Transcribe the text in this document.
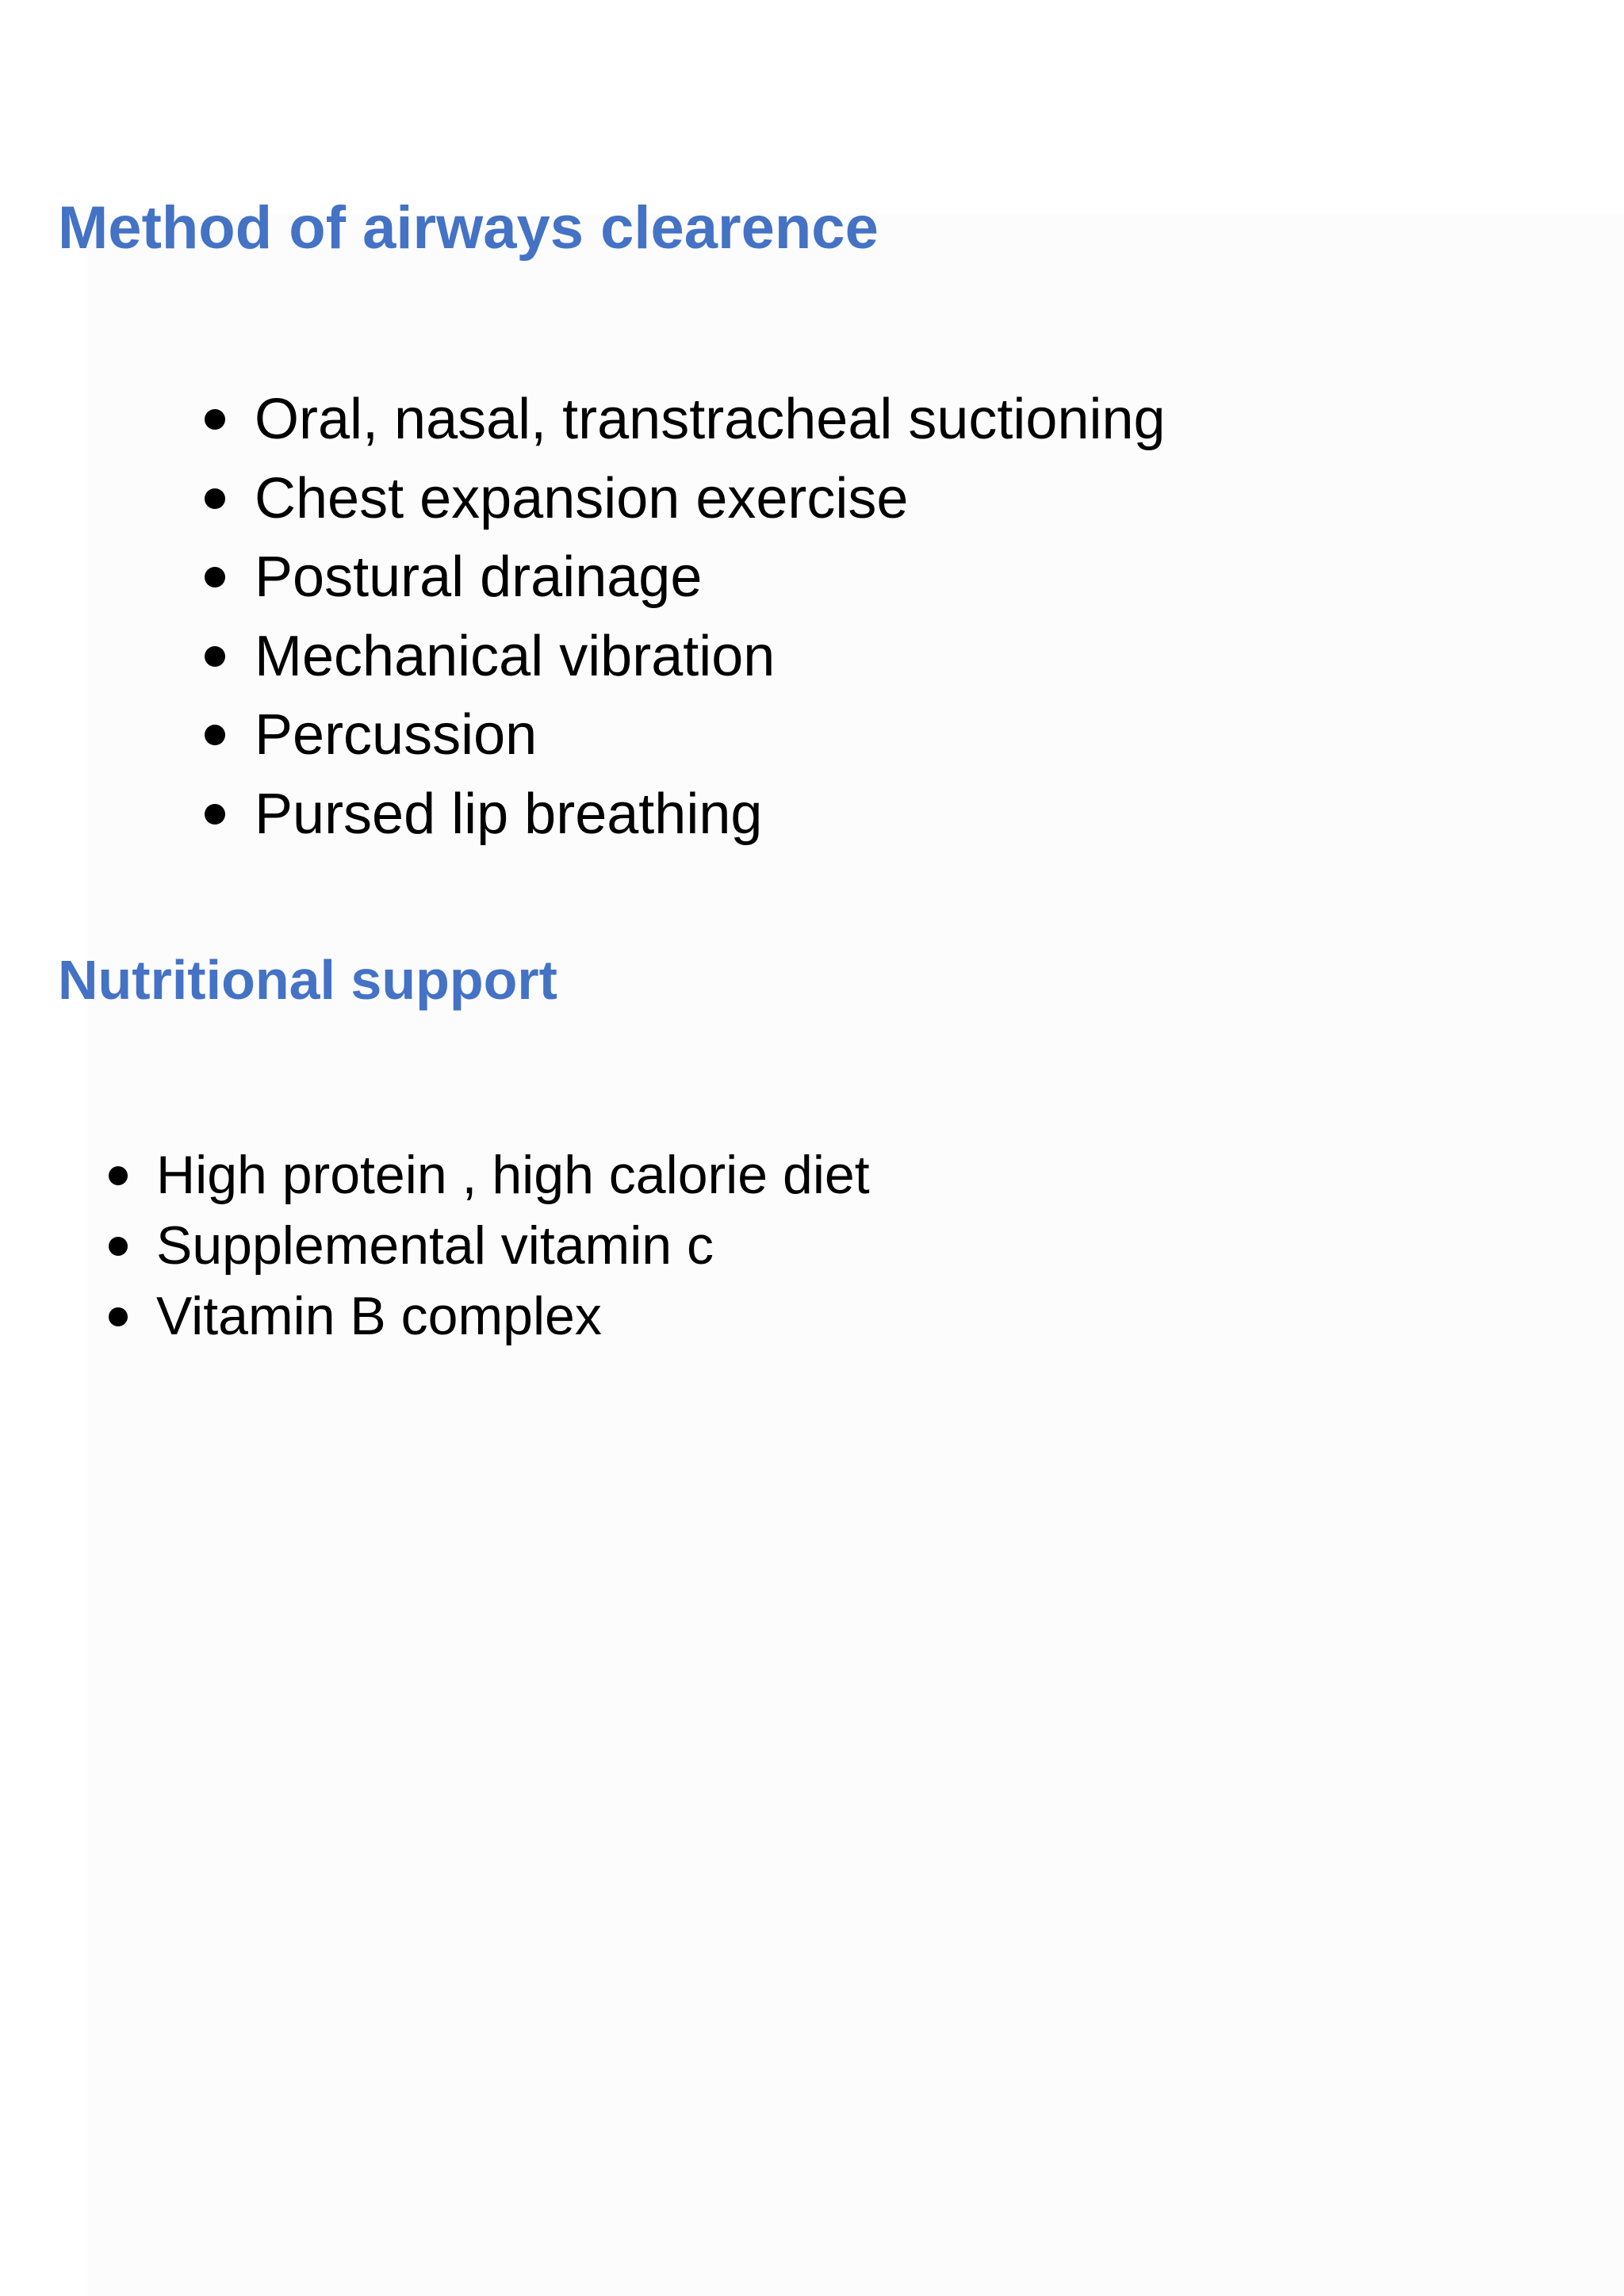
Method of airways clearence
Oral, nasal, transtracheal suctioning
Chest expansion exercise
Postural drainage
Mechanical vibration
Percussion
Pursed lip breathing
Nutritional support
High protein , high calorie diet
Supplemental vitamin c
Vitamin B complex
